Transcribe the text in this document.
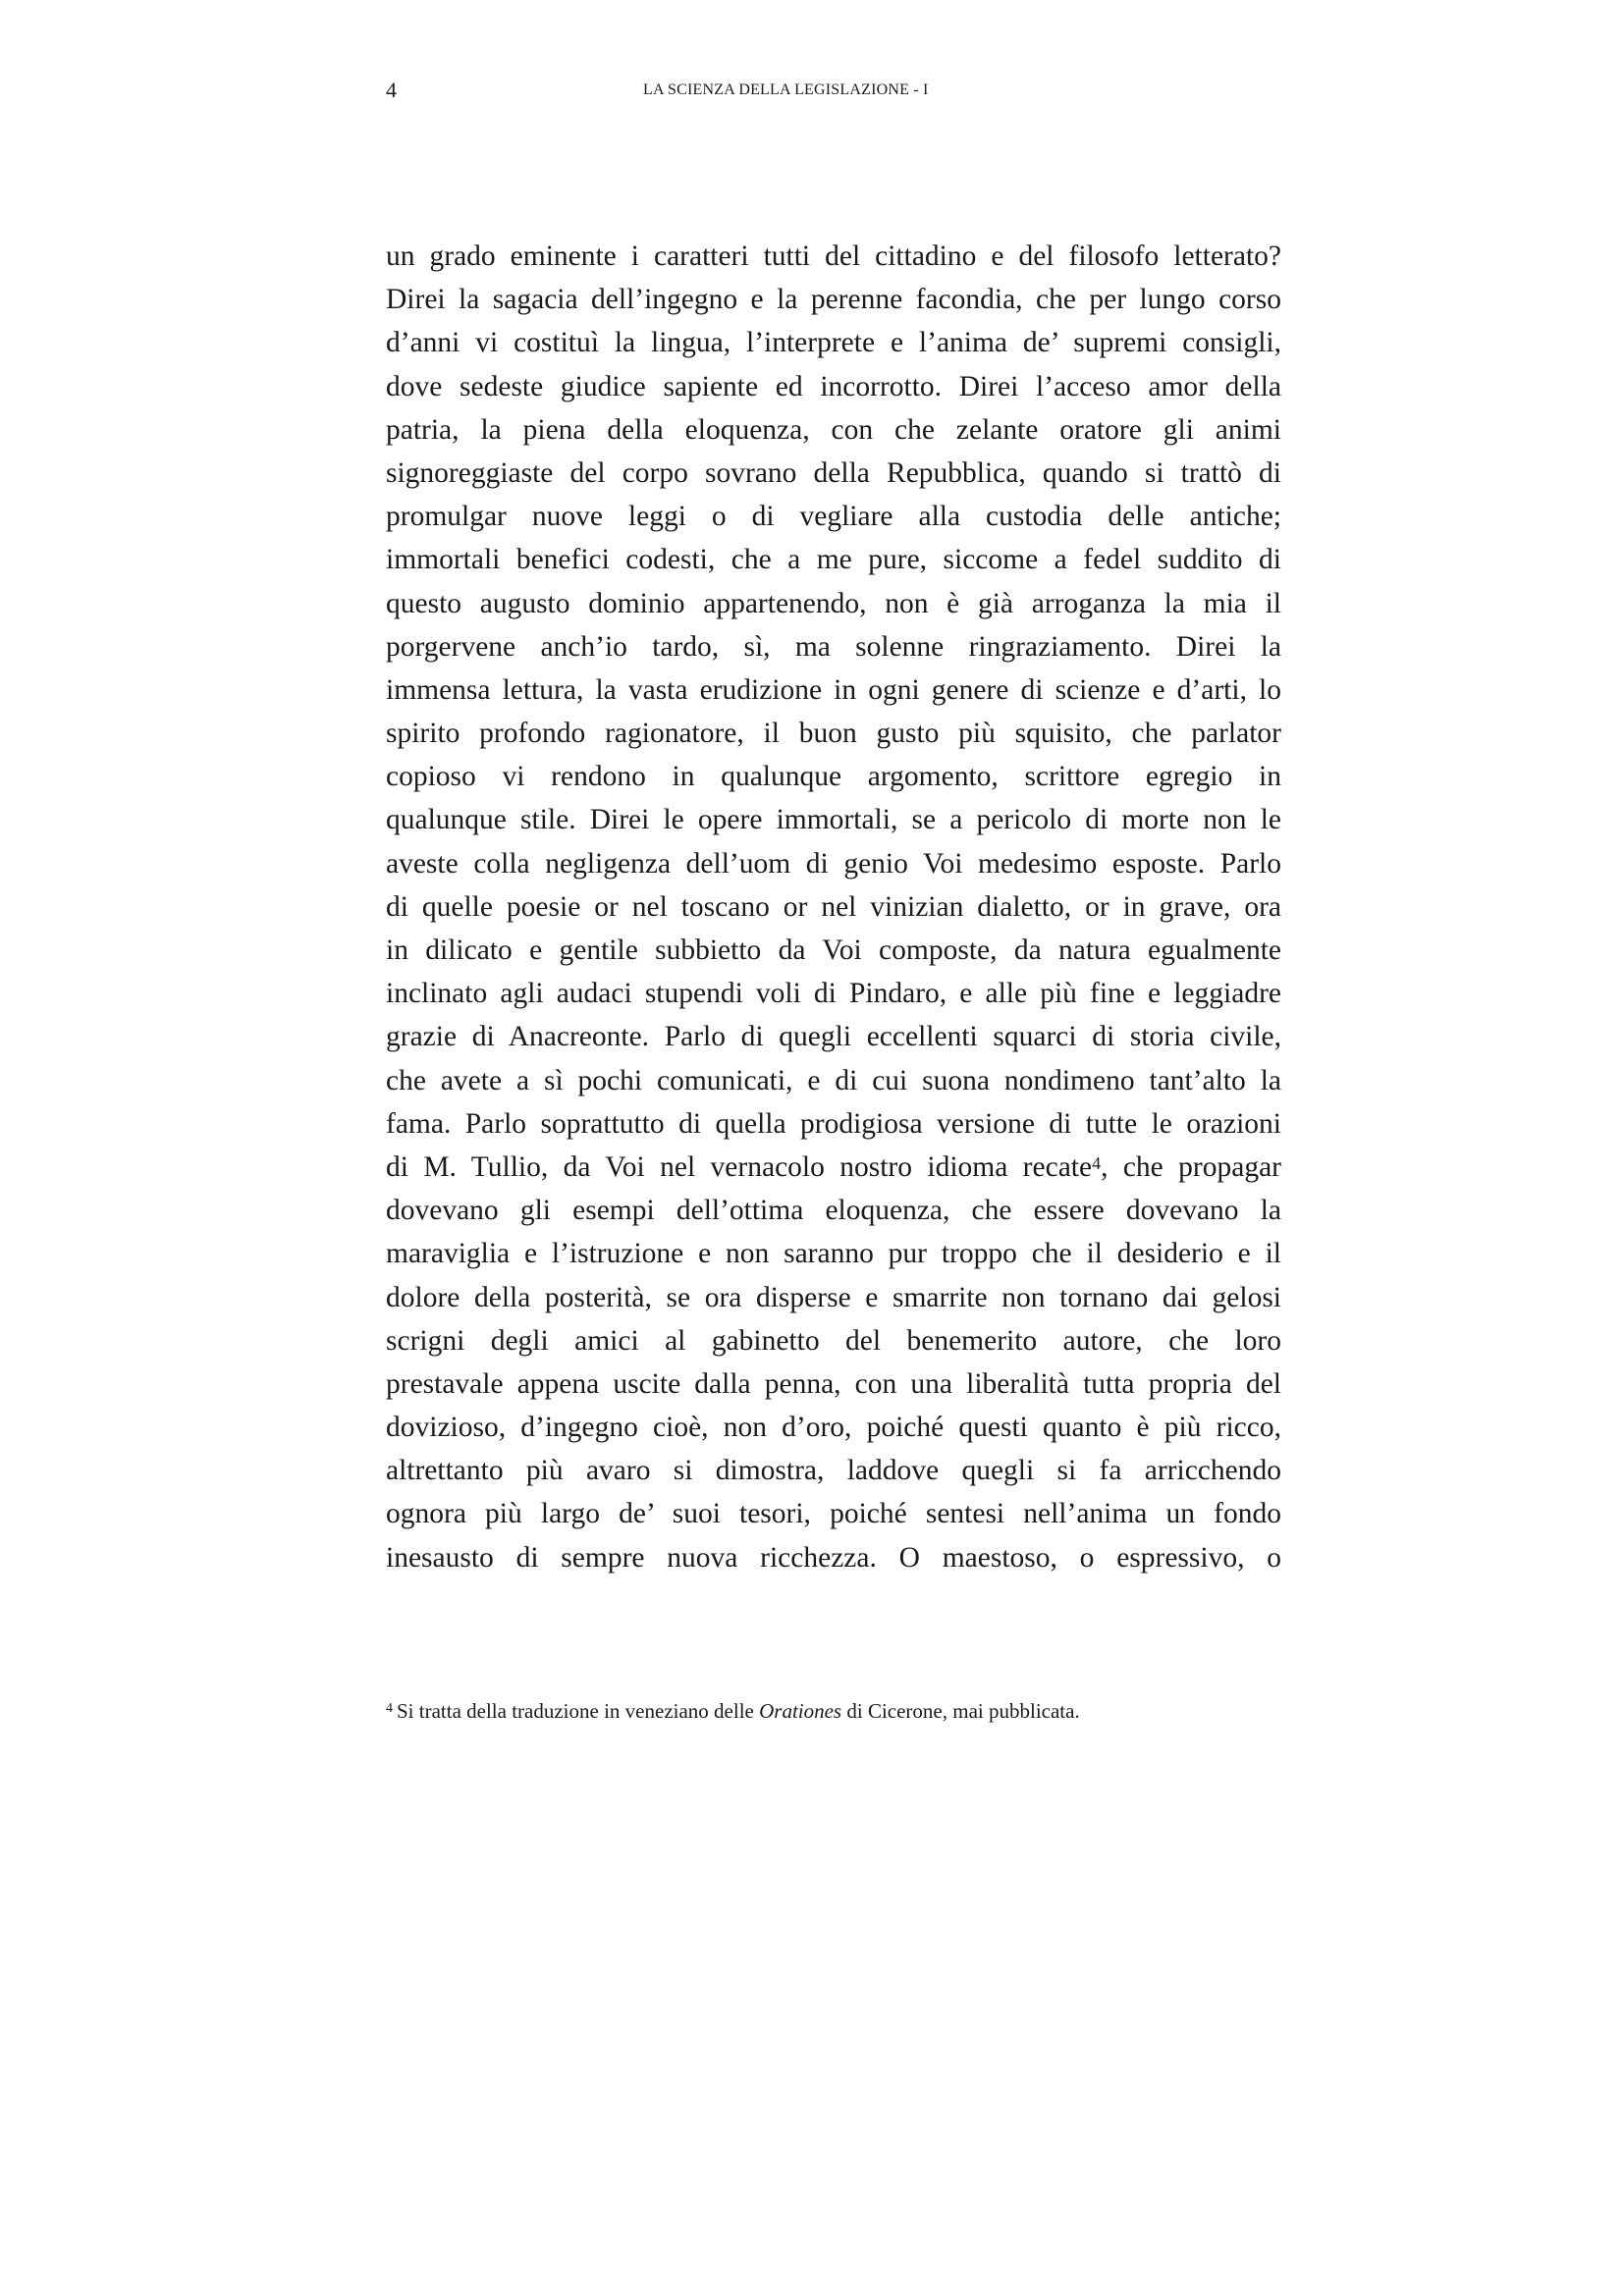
4	LA SCIENZA DELLA LEGISLAZIONE - I
un grado eminente i caratteri tutti del cittadino e del filosofo letterato?
Direi la sagacia dell’ingegno e la perenne facondia, che per lungo corso
d’anni vi costituì la lingua, l’interprete e l’anima de’ supremi consigli,
dove sedeste giudice sapiente ed incorrotto. Direi l’acceso amor della
patria, la piena della eloquenza, con che zelante oratore gli animi
signoreggiaste del corpo sovrano della Repubblica, quando si trattò di
promulgar nuove leggi o di vegliare alla custodia delle antiche;
immortali benefici codesti, che a me pure, siccome a fedel suddito di
questo augusto dominio appartenendo, non è già arroganza la mia il
porgervene anch’io tardo, sì, ma solenne ringraziamento. Direi la
immensa lettura, la vasta erudizione in ogni genere di scienze e d’arti, lo
spirito profondo ragionatore, il buon gusto più squisito, che parlator
copioso vi rendono in qualunque argomento, scrittore egregio in
qualunque stile. Direi le opere immortali, se a pericolo di morte non le
aveste colla negligenza dell’uom di genio Voi medesimo esposte. Parlo
di quelle poesie or nel toscano or nel vinizian dialetto, or in grave, ora
in dilicato e gentile subbietto da Voi composte, da natura egualmente
inclinato agli audaci stupendi voli di Pindaro, e alle più fine e leggiadre
grazie di Anacreonte. Parlo di quegli eccellenti squarci di storia civile,
che avete a sì pochi comunicati, e di cui suona nondimeno tant’alto la
fama. Parlo soprattutto di quella prodigiosa versione di tutte le orazioni
di M. Tullio, da Voi nel vernacolo nostro idioma recate$^4$, che propagar
dovevano gli esempi dell’ottima eloquenza, che essere dovevano la
maraviglia e l’istruzione e non saranno pur troppo che il desiderio e il
dolore della posterità, se ora disperse e smarrite non tornano dai gelosi
scrigni degli amici al gabinetto del benemerito autore, che loro
prestavale appena uscite dalla penna, con una liberalità tutta propria del
dovizioso, d’ingegno cioè, non d’oro, poiché questi quanto è più ricco,
altrettanto più avaro si dimostra, laddove quegli si fa arricchendo
ognora più largo de’ suoi tesori, poiché sentesi nell’anima un fondo
inesausto di sempre nuova ricchezza. O maestoso, o espressivo, o
$^4$ Si tratta della traduzione in veneziano delle Orationes di Cicerone, mai pubblicata.
